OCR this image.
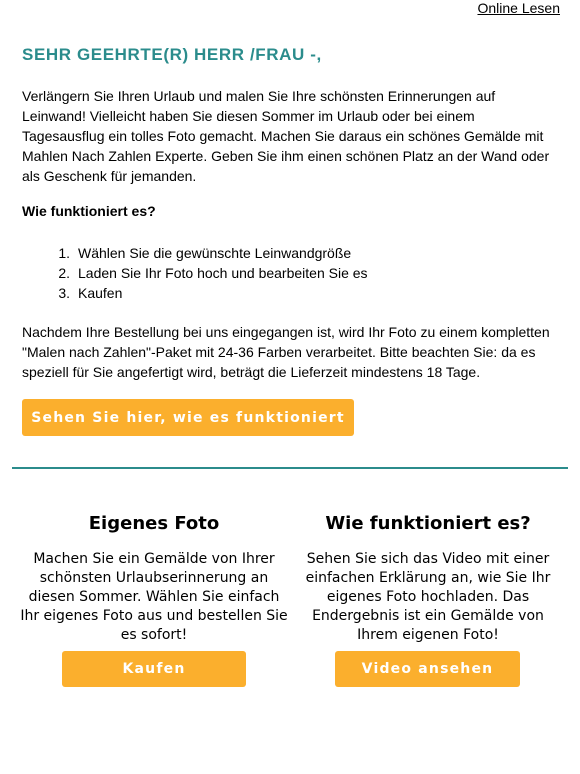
Online Lesen
SEHR GEEHRTE(R) HERR /FRAU -,

Verlängern Sie Ihren Urlaub und malen Sie Ihre schönsten Erinnerungen auf Leinwand! Vielleicht haben Sie diesen Sommer im Urlaub oder bei einem Tagesausflug ein tolles Foto gemacht. Machen Sie daraus ein schönes Gemälde mit Mahlen Nach Zahlen Experte. Geben Sie ihm einen schönen Platz an der Wand oder als Geschenk für jemanden.

Wie funktioniert es?

1. Wählen Sie die gewünschte Leinwandgröße
2. Laden Sie Ihr Foto hoch und bearbeiten Sie es
3. Kaufen

Nachdem Ihre Bestellung bei uns eingegangen ist, wird Ihr Foto zu einem kompletten "Malen nach Zahlen"-Paket mit 24-36 Farben verarbeitet. Bitte beachten Sie: da es speziell für Sie angefertigt wird, beträgt die Lieferzeit mindestens 18 Tage.

Sehen Sie hier, wie es funktioniert
Eigenes Foto

Machen Sie ein Gemälde von Ihrer schönsten Urlaubserinnerung an diesen Sommer. Wählen Sie einfach Ihr eigenes Foto aus und bestellen Sie es sofort!

Kaufen
Wie funktioniert es?

Sehen Sie sich das Video mit einer einfachen Erklärung an, wie Sie Ihr eigenes Foto hochladen. Das Endergebnis ist ein Gemälde von Ihrem eigenen Foto!

Video ansehen
